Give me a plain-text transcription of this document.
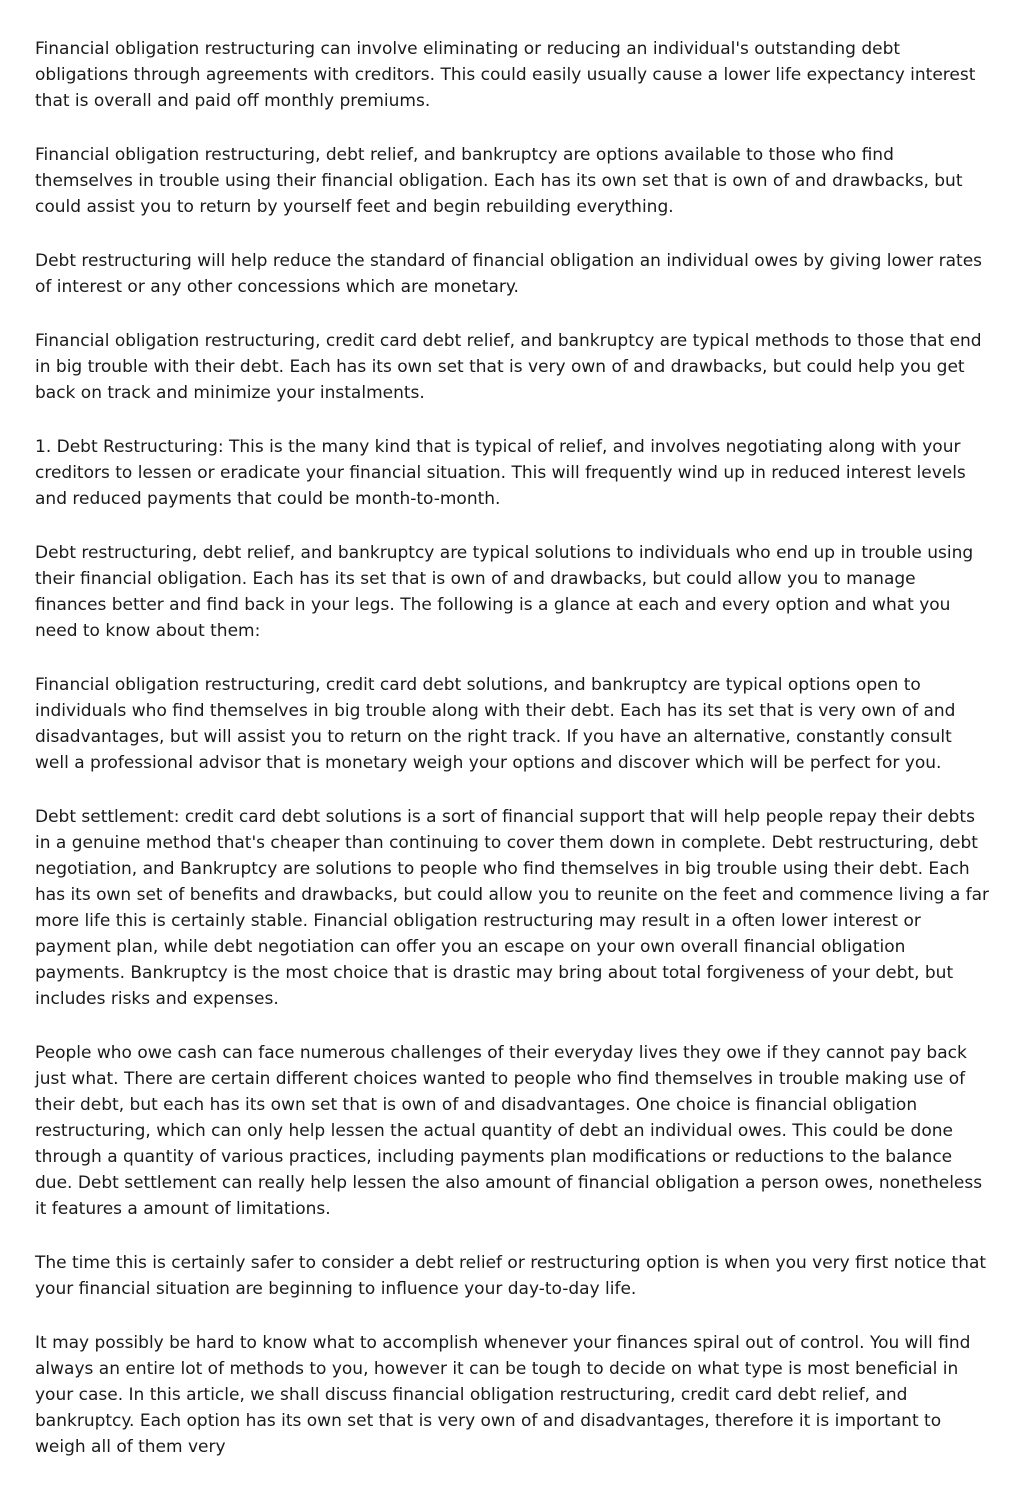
Financial obligation restructuring can involve eliminating or reducing an individual's outstanding debt obligations through agreements with creditors. This could easily usually cause a lower life expectancy interest that is overall and paid off monthly premiums.

Financial obligation restructuring, debt relief, and bankruptcy are options available to those who find themselves in trouble using their financial obligation. Each has its own set that is own of and drawbacks, but could assist you to return by yourself feet and begin rebuilding everything.

Debt restructuring will help reduce the standard of financial obligation an individual owes by giving lower rates of interest or any other concessions which are monetary.

Financial obligation restructuring, credit card debt relief, and bankruptcy are typical methods to those that end in big trouble with their debt. Each has its own set that is very own of and drawbacks, but could help you get back on track and minimize your instalments.

1. Debt Restructuring: This is the many kind that is typical of relief, and involves negotiating along with your creditors to lessen or eradicate your financial situation. This will frequently wind up in reduced interest levels and reduced payments that could be month-to-month.

Debt restructuring, debt relief, and bankruptcy are typical solutions to individuals who end up in trouble using their financial obligation. Each has its set that is own of and drawbacks, but could allow you to manage finances better and find back in your legs. The following is a glance at each and every option and what you need to know about them:

Financial obligation restructuring, credit card debt solutions, and bankruptcy are typical options open to individuals who find themselves in big trouble along with their debt. Each has its set that is very own of and disadvantages, but will assist you to return on the right track. If you have an alternative, constantly consult well a professional advisor that is monetary weigh your options and discover which will be perfect for you.

Debt settlement: credit card debt solutions is a sort of financial support that will help people repay their debts in a genuine method that's cheaper than continuing to cover them down in complete. Debt restructuring, debt negotiation, and Bankruptcy are solutions to people who find themselves in big trouble using their debt. Each has its own set of benefits and drawbacks, but could allow you to reunite on the feet and commence living a far more life this is certainly stable. Financial obligation restructuring may result in a often lower interest or payment plan, while debt negotiation can offer you an escape on your own overall financial obligation payments. Bankruptcy is the most choice that is drastic may bring about total forgiveness of your debt, but includes risks and expenses.

People who owe cash can face numerous challenges of their everyday lives they owe if they cannot pay back just what. There are certain different choices wanted to people who find themselves in trouble making use of their debt, but each has its own set that is own of and disadvantages. One choice is financial obligation restructuring, which can only help lessen the actual quantity of debt an individual owes. This could be done through a quantity of various practices, including payments plan modifications or reductions to the balance due. Debt settlement can really help lessen the also amount of financial obligation a person owes, nonetheless it features a amount of limitations.

The time this is certainly safer to consider a debt relief or restructuring option is when you very first notice that your financial situation are beginning to influence your day-to-day life.

It may possibly be hard to know what to accomplish whenever your finances spiral out of control. You will find always an entire lot of methods to you, however it can be tough to decide on what type is most beneficial in your case. In this article, we shall discuss financial obligation restructuring, credit card debt relief, and bankruptcy. Each option has its own set that is very own of and disadvantages, therefore it is important to weigh all of them very
